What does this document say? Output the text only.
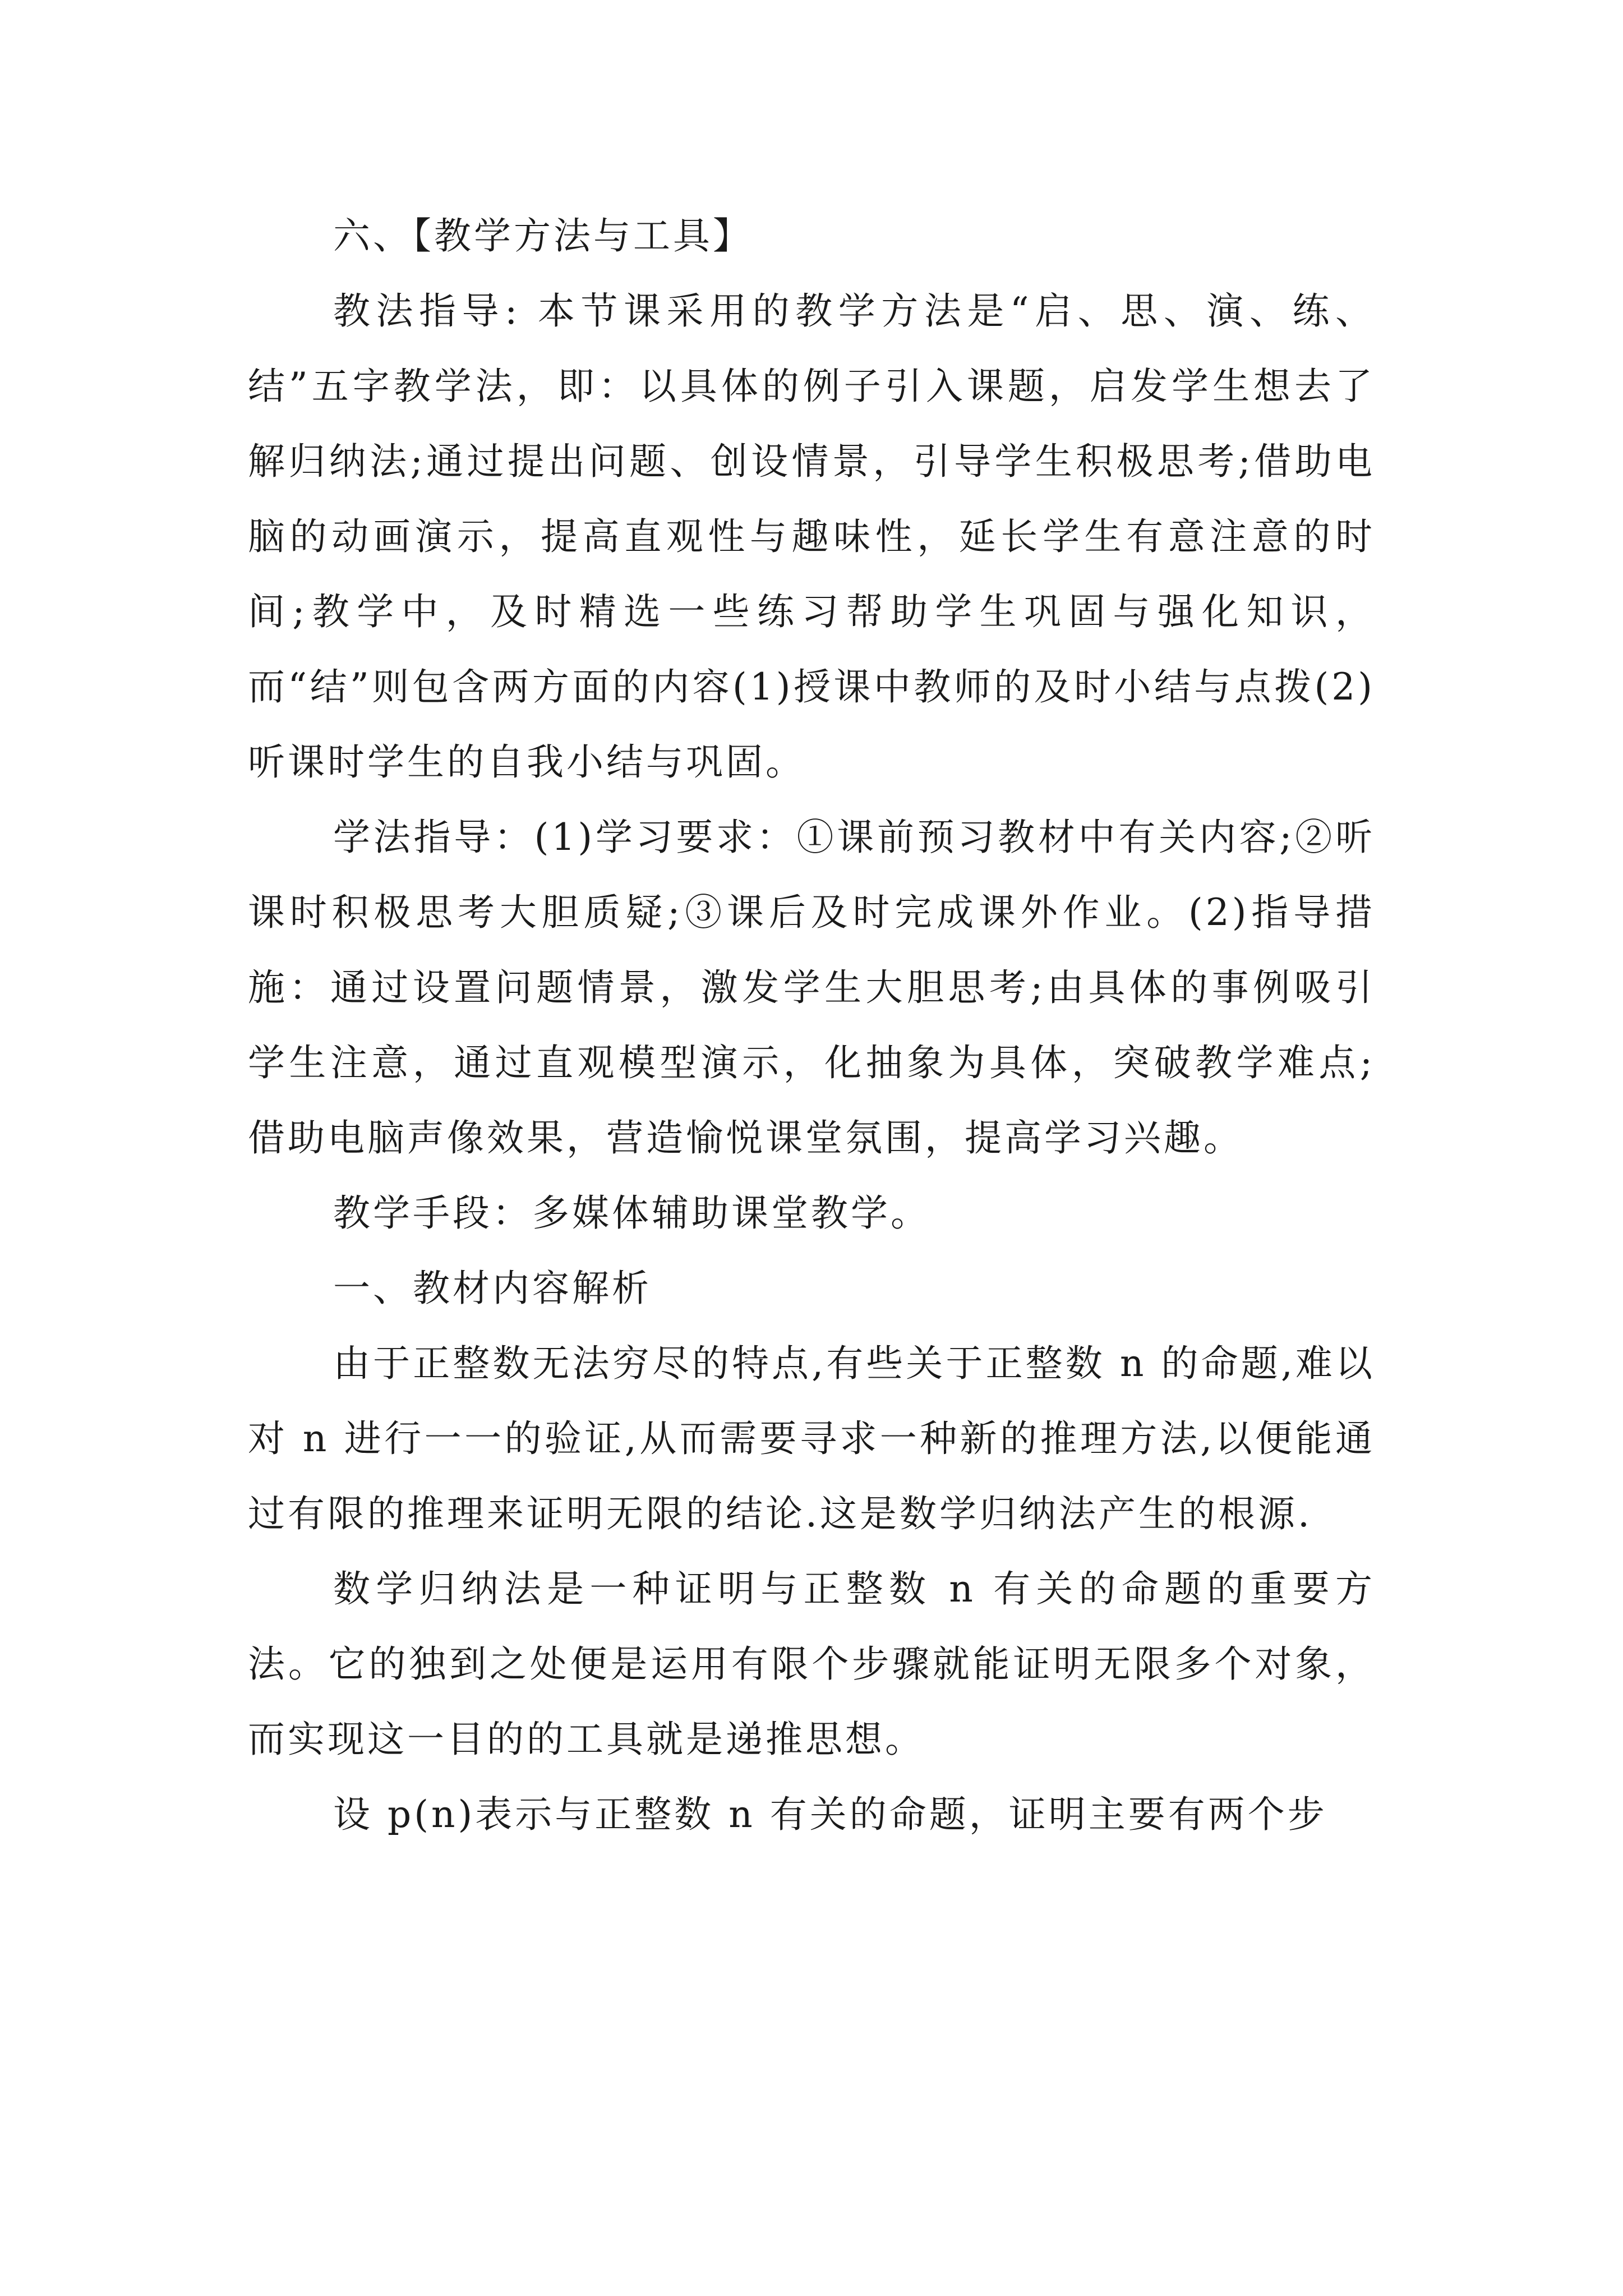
六、【教学方法与工具】

教法指导: 本节课采用的教学方法是“启、思、演、练、结”五字教学法，即：以具体的例子引入课题，启发学生想去了解归纳法;通过提出问题、创设情景，引导学生积极思考;借助电脑的动画演示，提高直观性与趣味性，延长学生有意注意的时间;教学中，及时精选一些练习帮助学生巩固与强化知识，而“结”则包含两方面的内容(1)授课中教师的及时小结与点拨(2)听课时学生的自我小结与巩固。

学法指导：(1)学习要求：①课前预习教材中有关内容;②听课时积极思考大胆质疑;③课后及时完成课外作业。(2)指导措施：通过设置问题情景，激发学生大胆思考;由具体的事例吸引学生注意，通过直观模型演示，化抽象为具体，突破教学难点;借助电脑声像效果，营造愉悦课堂氛围，提高学习兴趣。

教学手段：多媒体辅助课堂教学。

一、教材内容解析

由于正整数无法穷尽的特点,有些关于正整数 n 的命题,难以对 n 进行一一的验证,从而需要寻求一种新的推理方法,以便能通过有限的推理来证明无限的结论.这是数学归纳法产生的根源.

数学归纳法是一种证明与正整数 n 有关的命题的重要方法。它的独到之处便是运用有限个步骤就能证明无限多个对象，而实现这一目的的工具就是递推思想。

设 p(n)表示与正整数 n 有关的命题，证明主要有两个步
